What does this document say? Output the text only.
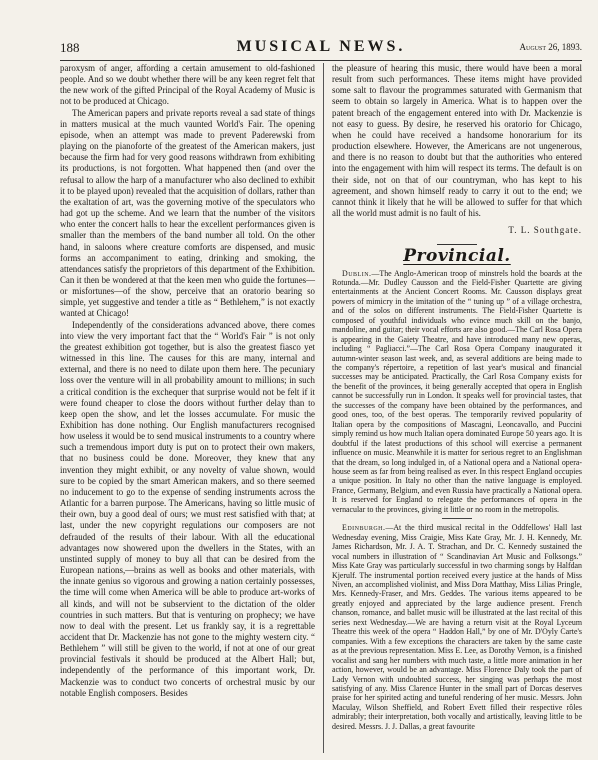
188	MUSICAL NEWS.	August 26, 1893.

paroxysm of anger, affording a certain amusement to old-fashioned people. And so we doubt whether there will be any keen regret felt that the new work of the gifted Principal of the Royal Academy of Music is not to be produced at Chicago.

The American papers and private reports reveal a sad state of things in matters musical at the much vaunted World's Fair. The opening episode, when an attempt was made to prevent Paderewski from playing on the pianoforte of the greatest of the American makers, just because the firm had for very good reasons withdrawn from exhibiting its productions, is not forgotten. What happened then (and over the refusal to allow the harp of a manufacturer who also declined to exhibit it to be played upon) revealed that the acquisition of dollars, rather than the exaltation of art, was the governing motive of the speculators who had got up the scheme. And we learn that the number of the visitors who enter the concert halls to hear the excellent performances given is smaller than the members of the band number all told. On the other hand, in saloons where creature comforts are dispensed, and music forms an accompaniment to eating, drinking and smoking, the attendances satisfy the proprietors of this department of the Exhibition. Can it then be wondered at that the keen men who guide the fortunes—or misfortunes—of the show, perceive that an oratorio bearing so simple, yet suggestive and tender a title as “ Bethlehem,” is not exactly wanted at Chicago!

Independently of the considerations advanced above, there comes into view the very important fact that the “ World's Fair ” is not only the greatest exhibition got together, but is also the greatest fiasco yet witnessed in this line. The causes for this are many, internal and external, and there is no need to dilate upon them here. The pecuniary loss over the venture will in all probability amount to millions; in such a critical condition is the exchequer that surprise would not be felt if it were found cheaper to close the doors without further delay than to keep open the show, and let the losses accumulate. For music the Exhibition has done nothing. Our English manufacturers recognised how useless it would be to send musical instruments to a country where such a tremendous import duty is put on to protect their own makers, that no business could be done. Moreover, they knew that any invention they might exhibit, or any novelty of value shown, would sure to be copied by the smart American makers, and so there seemed no inducement to go to the expense of sending instruments across the Atlantic for a barren purpose. The Americans, having so little music of their own, buy a good deal of ours; we must rest satisfied with that; at last, under the new copyright regulations our composers are not defrauded of the results of their labour. With all the educational advantages now showered upon the dwellers in the States, with an unstinted supply of money to buy all that can be desired from the European nations,—brains as well as books and other materials, with the innate genius so vigorous and growing a nation certainly possesses, the time will come when America will be able to produce art-works of all kinds, and will not be subservient to the dictation of the older countries in such matters. But that is venturing on prophecy; we have now to deal with the present. Let us frankly say, it is a regrettable accident that Dr. Mackenzie has not gone to the mighty western city. “ Bethlehem ” will still be given to the world, if not at one of our great provincial festivals it should be produced at the Albert Hall; but, independently of the performance of this important work, Dr. Mackenzie was to conduct two concerts of orchestral music by our notable English composers. Besides

the pleasure of hearing this music, there would have been a moral result from such performances. These items might have provided some salt to flavour the programmes saturated with Germanism that seem to obtain so largely in America. What is to happen over the patent breach of the engagement entered into with Dr. Mackenzie is not easy to guess. By desire, he reserved his oratorio for Chicago, when he could have received a handsome honorarium for its production elsewhere. However, the Americans are not ungenerous, and there is no reason to doubt but that the authorities who entered into the engagement with him will respect its terms. The default is on their side, not on that of our countryman, who has kept to his agreement, and shown himself ready to carry it out to the end; we cannot think it likely that he will be allowed to suffer for that which all the world must admit is no fault of his.

T. L. Southgate.
Provincial.

Dublin.—The Anglo-American troop of minstrels hold the boards at the Rotunda.—Mr. Dudley Causson and the Field-Fisher Quartette are giving entertainments at the Ancient Concert Rooms. Mr. Causson displays great powers of mimicry in the imitation of the “ tuning up ” of a village orchestra, and of the solos on different instruments. The Field-Fisher Quartette is composed of youthful individuals who evince much skill on the banjo, mandoline, and guitar; their vocal efforts are also good.—The Carl Rosa Opera is appearing in the Gaiety Theatre, and have introduced many new operas, including “ Pagliacci.”—The Carl Rosa Opera Company inaugurated it autumn-winter season last week, and, as several additions are being made to the company's répertoire, a repetition of last year's musical and financial successes may be anticipated. Practically, the Carl Rosa Company exists for the benefit of the provinces, it being generally accepted that opera in English cannot be successfully run in London. It speaks well for provincial tastes, that the successes of the company have been obtained by the performances, and good ones, too, of the best operas. The temporarily revived popularity of Italian opera by the compositions of Mascagni, Leoncavallo, and Puccini simply remind us how much Italian opera dominated Europe 50 years ago. It is doubtful if the latest productions of this school will exercise a permanent influence on music. Meanwhile it is matter for serious regret to an Englishman that the dream, so long indulged in, of a National opera and a National opera-house seem as far from being realised as ever. In this respect England occupies a unique position. In Italy no other than the native language is employed. France, Germany, Belgium, and even Russia have practically a National opera. It is reserved for England to relegate the performances of opera in the vernacular to the provinces, giving it little or no room in the metropolis.

Edinburgh.—At the third musical recital in the Oddfellows' Hall last Wednesday evening, Miss Craigie, Miss Kate Gray, Mr. J. H. Kennedy, Mr. James Richardson, Mr. J. A. T. Strachan, and Dr. C. Kennedy sustained the vocal numbers in illustration of “ Scandinavian Art Music and Folksongs.” Miss Kate Gray was particularly successful in two charming songs by Halfdan Kjerulf. The instrumental portion received every justice at the hands of Miss Niven, an accomplished violinist, and Miss Dora Matthay, Miss Lilias Pringle, Mrs. Kennedy-Fraser, and Mrs. Geddes. The various items appeared to be greatly enjoyed and appreciated by the large audience present. French chanson, romance, and ballet music will be illustrated at the last recital of this series next Wednesday.—We are having a return visit at the Royal Lyceum Theatre this week of the opera “ Haddon Hall,” by one of Mr. D'Oyly Carte's companies. With a few exceptions the characters are taken by the same caste as at the previous representation. Miss E. Lee, as Dorothy Vernon, is a finished vocalist and sang her numbers with much taste, a little more animation in her action, however, would be an advantage. Miss Florence Daly took the part of Lady Vernon with undoubted success, her singing was perhaps the most satisfying of any. Miss Clarence Hunter in the small part of Dorcas deserves praise for her spirited acting and tuneful rendering of her music. Messrs. John Maculay, Wilson Sheffield, and Robert Evett filled their respective rôles admirably; their interpretation, both vocally and artistically, leaving little to be desired. Messrs. J. J. Dallas, a great favourite
